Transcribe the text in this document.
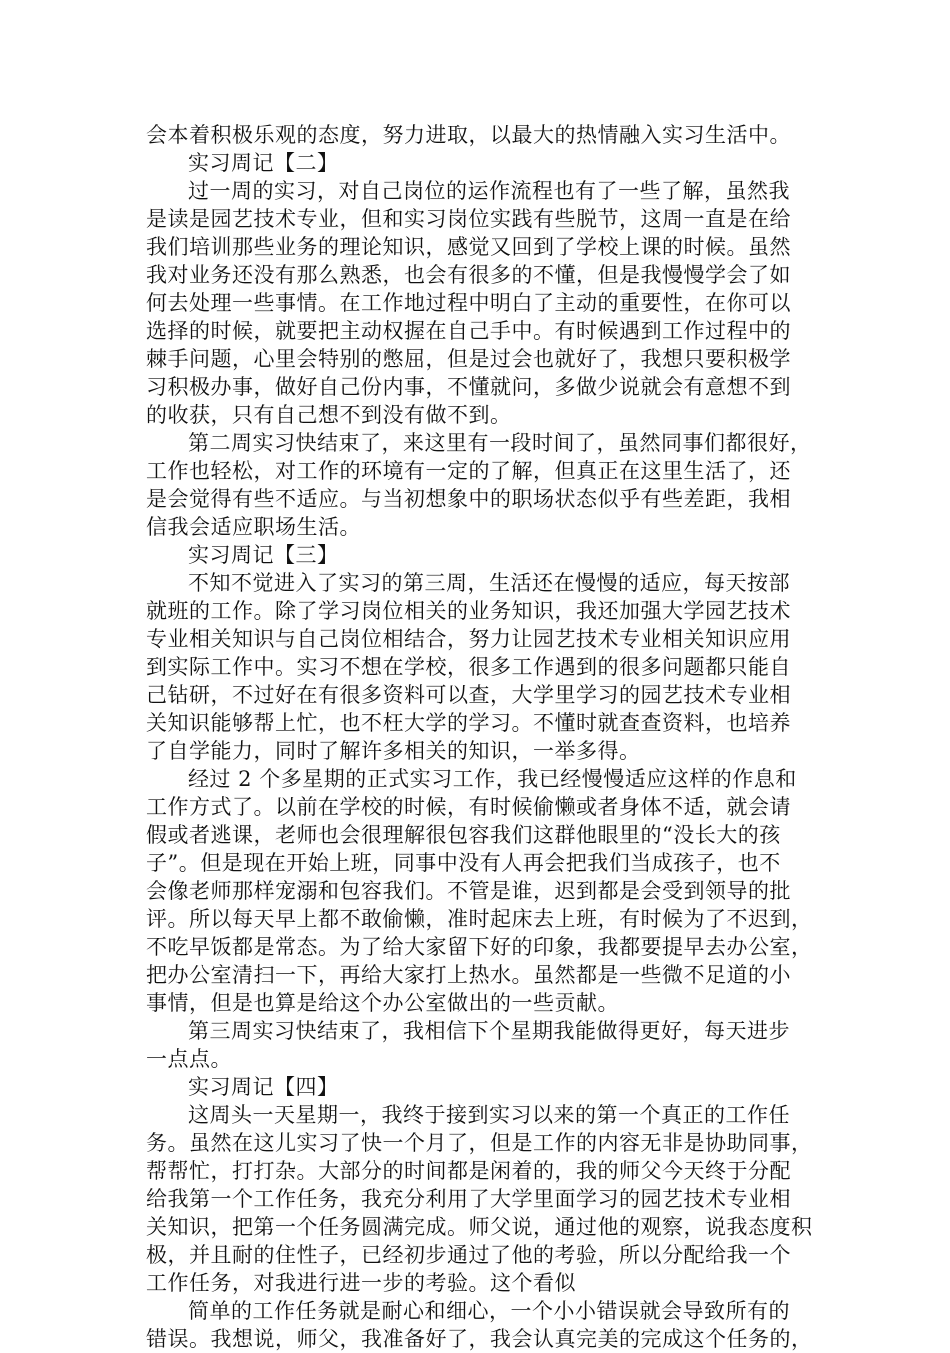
会本着积极乐观的态度，努力进取，以最大的热情融入实习生活中。
实习周记【二】
过一周的实习，对自己岗位的运作流程也有了一些了解，虽然我
是读是园艺技术专业，但和实习岗位实践有些脱节，这周一直是在给
我们培训那些业务的理论知识，感觉又回到了学校上课的时候。虽然
我对业务还没有那么熟悉，也会有很多的不懂，但是我慢慢学会了如
何去处理一些事情。在工作地过程中明白了主动的重要性，在你可以
选择的时候，就要把主动权握在自己手中。有时候遇到工作过程中的
棘手问题，心里会特别的憋屈，但是过会也就好了，我想只要积极学
习积极办事，做好自己份内事，不懂就问，多做少说就会有意想不到
的收获，只有自己想不到没有做不到。
第二周实习快结束了，来这里有一段时间了，虽然同事们都很好，
工作也轻松，对工作的环境有一定的了解，但真正在这里生活了，还
是会觉得有些不适应。与当初想象中的职场状态似乎有些差距，我相
信我会适应职场生活。
实习周记【三】
不知不觉进入了实习的第三周，生活还在慢慢的适应，每天按部
就班的工作。除了学习岗位相关的业务知识，我还加强大学园艺技术
专业相关知识与自己岗位相结合，努力让园艺技术专业相关知识应用
到实际工作中。实习不想在学校，很多工作遇到的很多问题都只能自
己钻研，不过好在有很多资料可以查，大学里学习的园艺技术专业相
关知识能够帮上忙，也不枉大学的学习。不懂时就查查资料，也培养
了自学能力，同时了解许多相关的知识，一举多得。
经过 2 个多星期的正式实习工作，我已经慢慢适应这样的作息和
工作方式了。以前在学校的时候，有时候偷懒或者身体不适，就会请
假或者逃课，老师也会很理解很包容我们这群他眼里的“没长大的孩
子”。但是现在开始上班，同事中没有人再会把我们当成孩子，也不
会像老师那样宠溺和包容我们。不管是谁，迟到都是会受到领导的批
评。所以每天早上都不敢偷懒，准时起床去上班，有时候为了不迟到，
不吃早饭都是常态。为了给大家留下好的印象，我都要提早去办公室，
把办公室清扫一下，再给大家打上热水。虽然都是一些微不足道的小
事情，但是也算是给这个办公室做出的一些贡献。
第三周实习快结束了，我相信下个星期我能做得更好，每天进步
一点点。
实习周记【四】
这周头一天星期一，我终于接到实习以来的第一个真正的工作任
务。虽然在这儿实习了快一个月了，但是工作的内容无非是协助同事，
帮帮忙，打打杂。大部分的时间都是闲着的，我的师父今天终于分配
给我第一个工作任务，我充分利用了大学里面学习的园艺技术专业相
关知识，把第一个任务圆满完成。师父说，通过他的观察，说我态度积
极，并且耐的住性子，已经初步通过了他的考验，所以分配给我一个
工作任务，对我进行进一步的考验。这个看似
简单的工作任务就是耐心和细心，一个小小错误就会导致所有的
错误。我想说，师父，我准备好了，我会认真完美的完成这个任务的，
